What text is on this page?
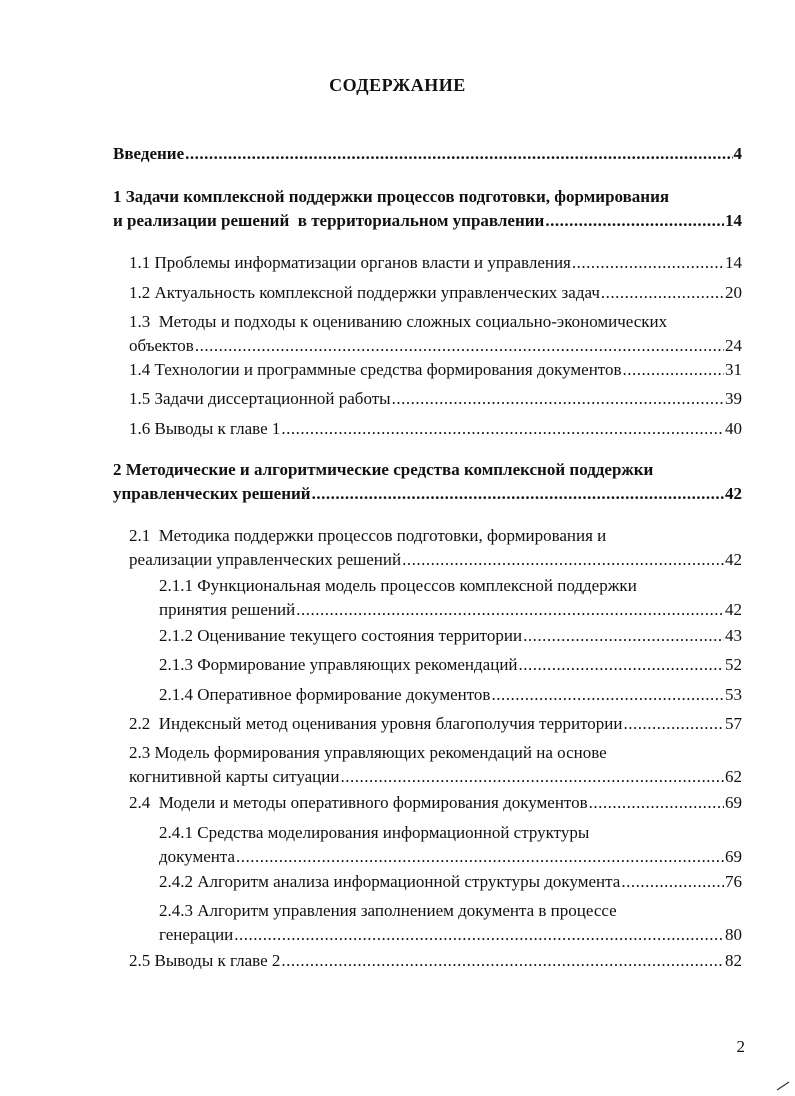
СОДЕРЖАНИЕ
Введение .....	4
1 Задачи комплексной поддержки процессов подготовки, формирования
и реализации решений  в территориальном управлении .....	14
1.1 Проблемы информатизации органов власти и управления .....	14
1.2 Актуальность комплексной поддержки управленческих задач .....	20
1.3  Методы и подходы к оцениванию сложных социально-экономических
объектов .....	24
1.4 Технологии и программные средства формирования документов .....	31
1.5 Задачи диссертационной работы .....	39
1.6 Выводы к главе 1 .....	40
2 Методические и алгоритмические средства комплексной поддержки
управленческих решений .....	42
2.1  Методика поддержки процессов подготовки, формирования и
реализации управленческих решений .....	42
2.1.1 Функциональная модель процессов комплексной поддержки
принятия решений .....	42
2.1.2 Оценивание текущего состояния территории .....	43
2.1.3 Формирование управляющих рекомендаций .....	52
2.1.4 Оперативное формирование документов .....	53
2.2  Индексный метод оценивания уровня благополучия территории .....	57
2.3 Модель формирования управляющих рекомендаций на основе
когнитивной карты ситуации .....	62
2.4  Модели и методы оперативного формирования документов .....	69
2.4.1 Средства моделирования информационной структуры
документа .....	69
2.4.2 Алгоритм анализа информационной структуры документа .....	76
2.4.3 Алгоритм управления заполнением документа в процессе
генерации .....	80
2.5 Выводы к главе 2 .....	82
2
